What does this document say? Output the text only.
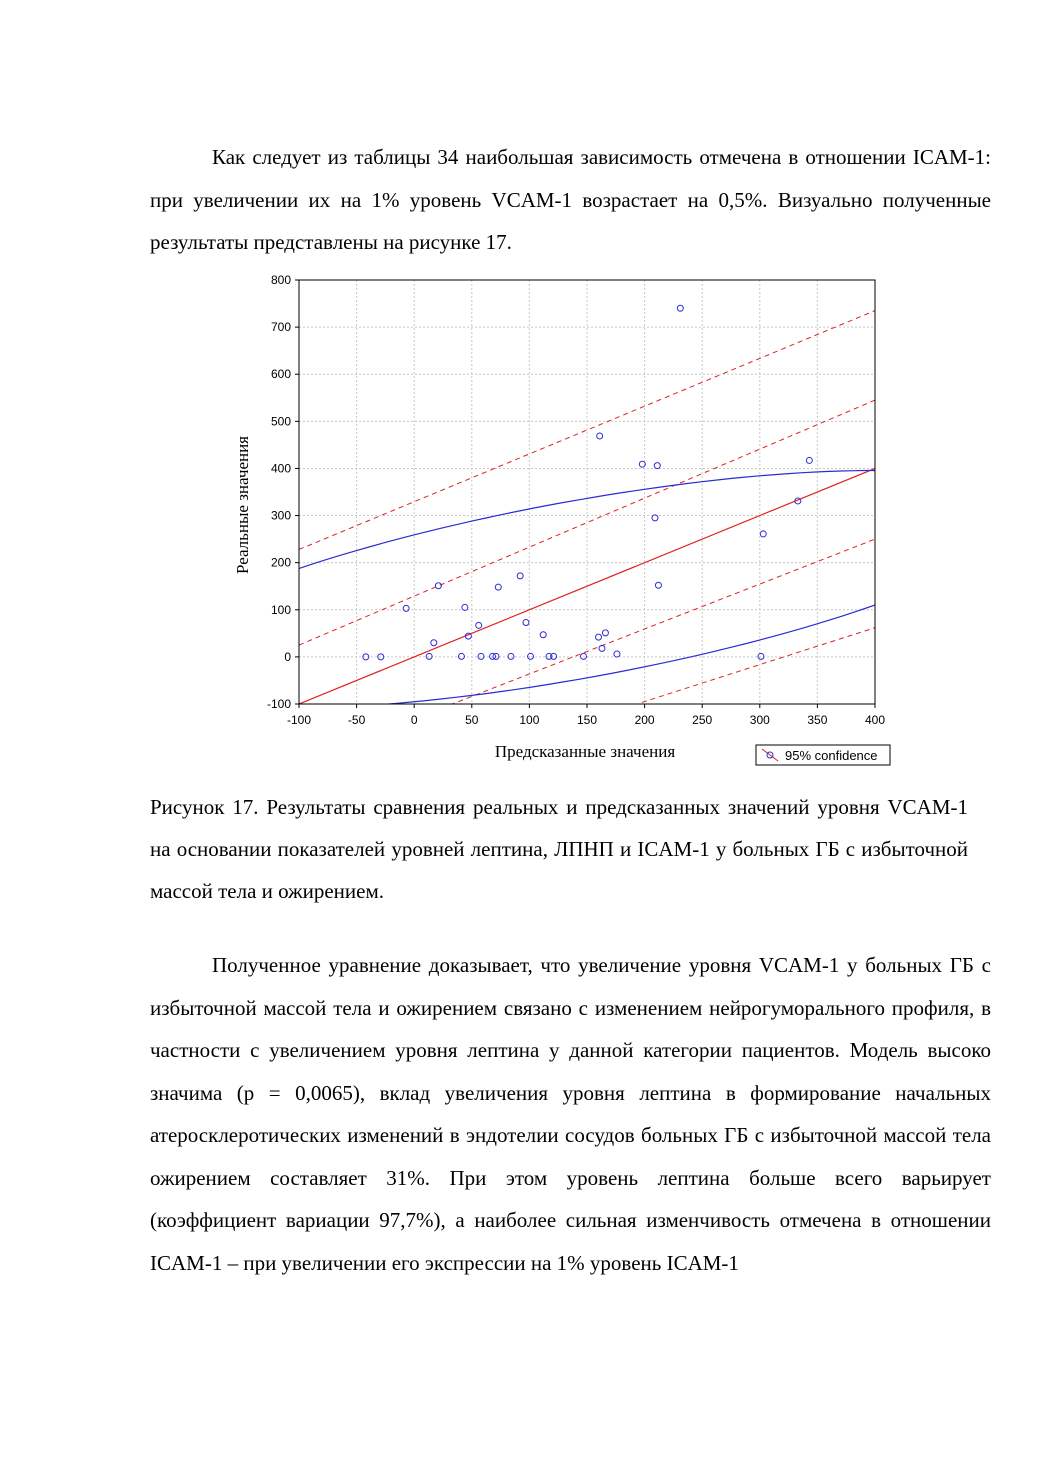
Как следует из таблицы 34 наибольшая зависимость отмечена в отношении ICAM-1: при увеличении их на 1% уровень VCAM-1 возрастает на 0,5%. Визуально полученные результаты представлены на рисунке 17.
-100	-50	0	50	100	150	200	250	300	350	400
-100
0
100
200
300
400
500
600
700
800
Предсказанные значения
Реальные значения
95% confidence
Рисунок 17. Результаты сравнения реальных и предсказанных значений уровня VCAM-1 на основании показателей уровней лептина, ЛПНП и ICAM-1 у больных ГБ с избыточной массой тела и ожирением.
Полученное уравнение доказывает, что увеличение уровня VCAM-1 у больных ГБ с избыточной массой тела и ожирением связано с изменением нейрогуморального профиля, в частности с увеличением уровня лептина у данной категории пациентов. Модель высоко значима (p = 0,0065), вклад увеличения уровня лептина в формирование начальных атеросклеротических изменений в эндотелии сосудов больных ГБ с избыточной массой тела ожирением составляет 31%. При этом уровень лептина больше всего варьирует (коэффициент вариации 97,7%), а наиболее сильная изменчивость отмечена в отношении ICAM-1 – при увеличении его экспрессии на 1% уровень ICAM-1
